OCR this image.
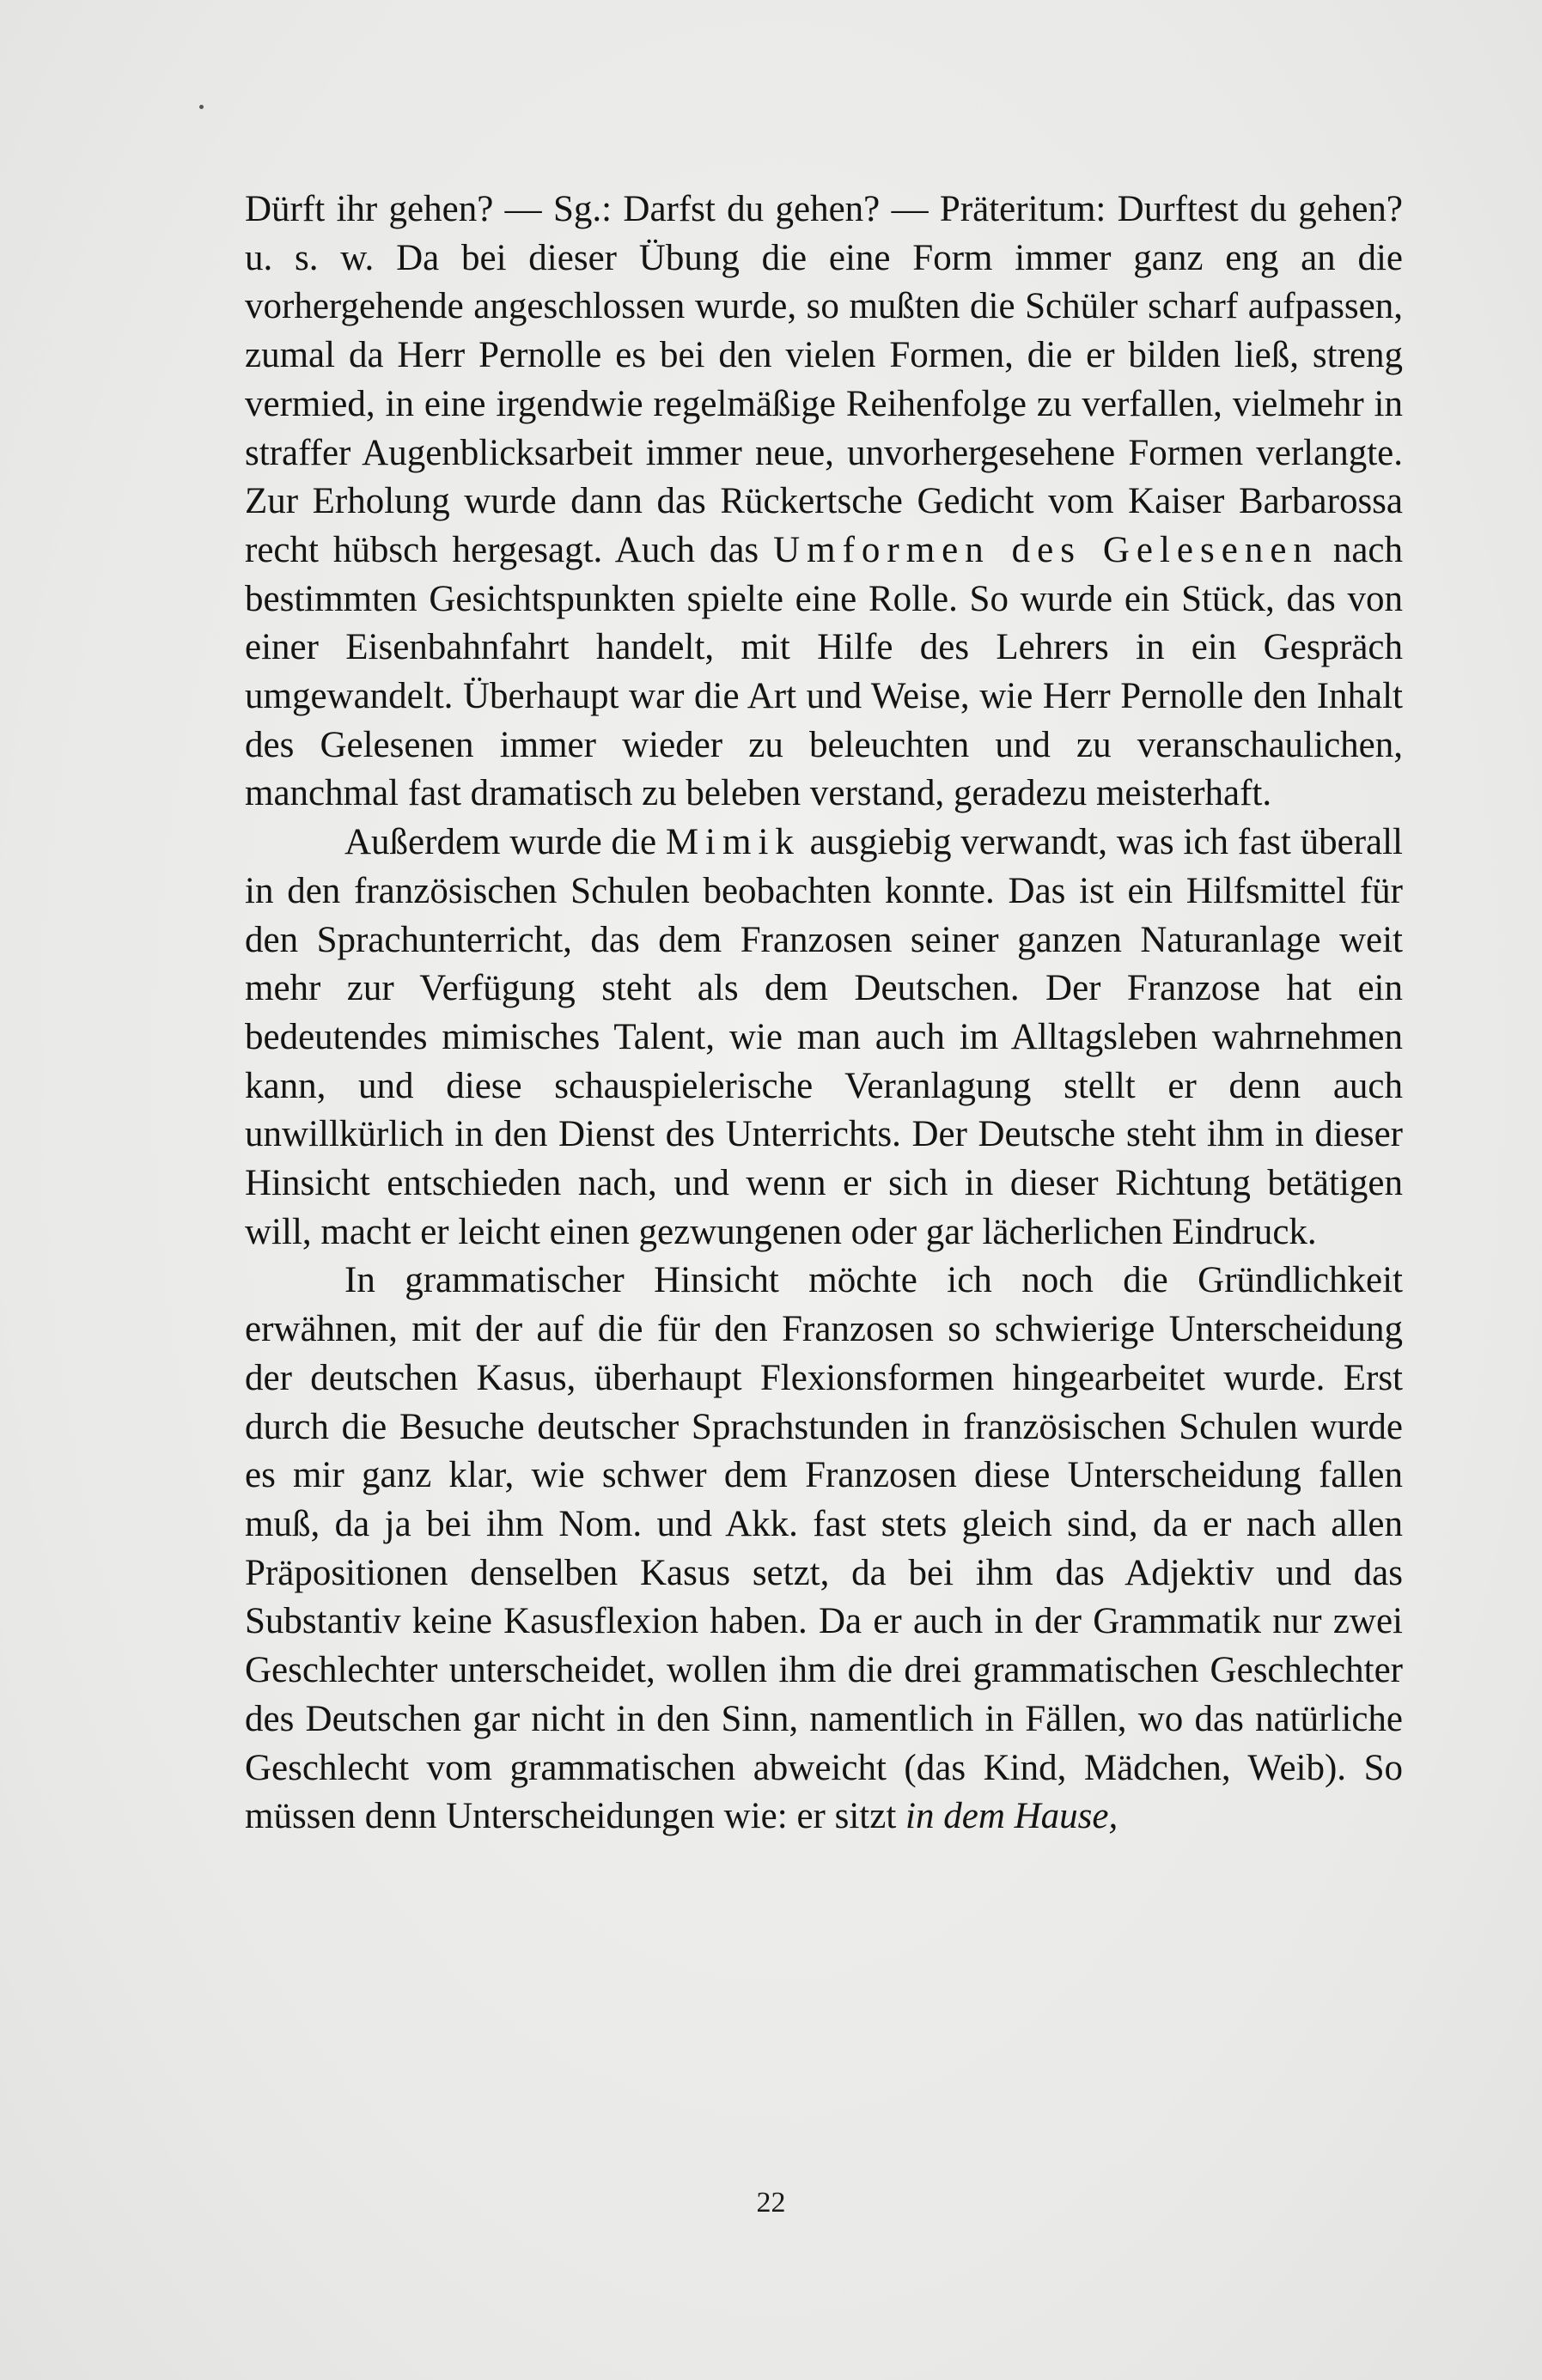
Dürft ihr gehen? — Sg.: Darfst du gehen? — Präteritum: Durftest du gehen? u. s. w. Da bei dieser Übung die eine Form immer ganz eng an die vorhergehende angeschlossen wurde, so mußten die Schüler scharf aufpassen, zumal da Herr Pernolle es bei den vielen Formen, die er bilden ließ, streng vermied, in eine irgendwie regelmäßige Reihenfolge zu verfallen, vielmehr in straffer Augenblicksarbeit immer neue, unvorhergesehene Formen verlangte. Zur Erholung wurde dann das Rückertsche Gedicht vom Kaiser Barbarossa recht hübsch hergesagt. Auch das Umformen des Gelesenen nach bestimmten Gesichtspunkten spielte eine Rolle. So wurde ein Stück, das von einer Eisenbahnfahrt handelt, mit Hilfe des Lehrers in ein Gespräch umgewandelt. Überhaupt war die Art und Weise, wie Herr Pernolle den Inhalt des Gelesenen immer wieder zu beleuchten und zu veranschaulichen, manchmal fast dramatisch zu beleben verstand, geradezu meisterhaft.

Außerdem wurde die Mimik ausgiebig verwandt, was ich fast überall in den französischen Schulen beobachten konnte. Das ist ein Hilfsmittel für den Sprachunterricht, das dem Franzosen seiner ganzen Naturanlage weit mehr zur Verfügung steht als dem Deutschen. Der Franzose hat ein bedeutendes mimisches Talent, wie man auch im Alltagsleben wahrnehmen kann, und diese schauspielerische Veranlagung stellt er denn auch unwillkürlich in den Dienst des Unterrichts. Der Deutsche steht ihm in dieser Hinsicht entschieden nach, und wenn er sich in dieser Richtung betätigen will, macht er leicht einen gezwungenen oder gar lächerlichen Eindruck.

In grammatischer Hinsicht möchte ich noch die Gründlichkeit erwähnen, mit der auf die für den Franzosen so schwierige Unterscheidung der deutschen Kasus, überhaupt Flexionsformen hingearbeitet wurde. Erst durch die Besuche deutscher Sprachstunden in französischen Schulen wurde es mir ganz klar, wie schwer dem Franzosen diese Unterscheidung fallen muß, da ja bei ihm Nom. und Akk. fast stets gleich sind, da er nach allen Präpositionen denselben Kasus setzt, da bei ihm das Adjektiv und das Substantiv keine Kasusflexion haben. Da er auch in der Grammatik nur zwei Geschlechter unterscheidet, wollen ihm die drei grammatischen Geschlechter des Deutschen gar nicht in den Sinn, namentlich in Fällen, wo das natürliche Geschlecht vom grammatischen abweicht (das Kind, Mädchen, Weib). So müssen denn Unterscheidungen wie: er sitzt in dem Hause,

22
